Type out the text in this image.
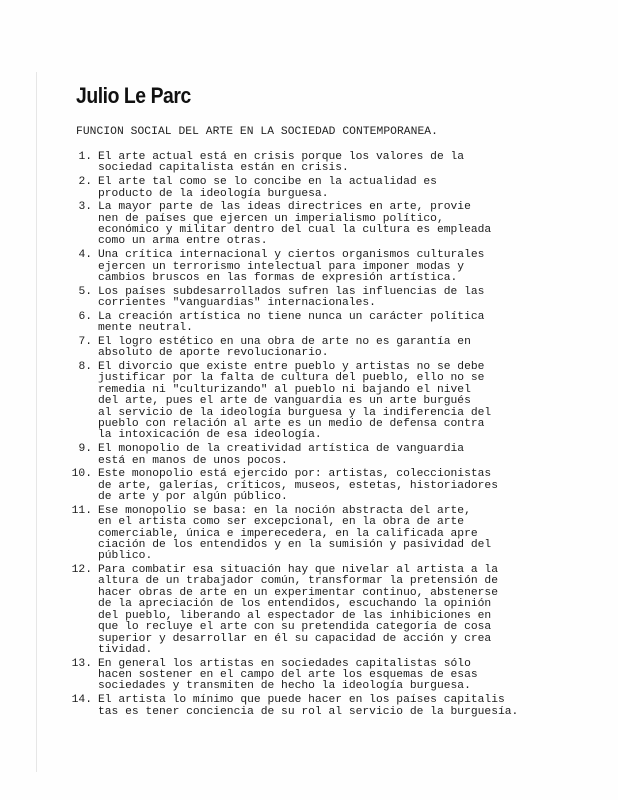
Julio Le Parc
FUNCION SOCIAL DEL ARTE EN LA SOCIEDAD CONTEMPORANEA.
1. El arte actual está en crisis porque los valores de la
sociedad capitalista están en crisis.
2. El arte tal como se lo concibe en la actualidad es
producto de la ideología burguesa.
3. La mayor parte de las ideas directrices en arte, provie
nen de países que ejercen un imperialismo político,
económico y militar dentro del cual la cultura es empleada
como un arma entre otras.
4. Una crítica internacional y ciertos organismos culturales
ejercen un terrorismo intelectual para imponer modas y
cambios bruscos en las formas de expresión artística.
5. Los países subdesarrollados sufren las influencias de las
corrientes "vanguardias" internacionales.
6. La creación artística no tiene nunca un carácter política
mente neutral.
7. El logro estético en una obra de arte no es garantía en
absoluto de aporte revolucionario.
8. El divorcio que existe entre pueblo y artistas no se debe
justificar por la falta de cultura del pueblo, ello no se
remedia ni "culturizando" al pueblo ni bajando el nivel
del arte, pues el arte de vanguardia es un arte burgués
al servicio de la ideología burguesa y la indiferencia del
pueblo con relación al arte es un medio de defensa contra
la intoxicación de esa ideología.
9. El monopolio de la creatividad artística de vanguardia
está en manos de unos pocos.
10. Este monopolio está ejercido por: artistas, coleccionistas
de arte, galerías, críticos, museos, estetas, historiadores
de arte y por algún público.
11. Ese monopolio se basa: en la noción abstracta del arte,
en el artista como ser excepcional, en la obra de arte
comerciable, única e imperecedera, en la calificada apre
ciación de los entendidos y en la sumisión y pasividad del
público.
12. Para combatir esa situación hay que nivelar al artista a la
altura de un trabajador común, transformar la pretensión de
hacer obras de arte en un experimentar continuo, abstenerse
de la apreciación de los entendidos, escuchando la opinión
del pueblo, liberando al espectador de las inhibiciones en
que lo recluye el arte con su pretendida categoría de cosa
superior y desarrollar en él su capacidad de acción y crea
tividad.
13. En general los artistas en sociedades capitalistas sólo
hacen sostener en el campo del arte los esquemas de esas
sociedades y transmiten de hecho la ideología burguesa.
14. El artista lo mínimo que puede hacer en los países capitalis
tas es tener conciencia de su rol al servicio de la burguesía.
